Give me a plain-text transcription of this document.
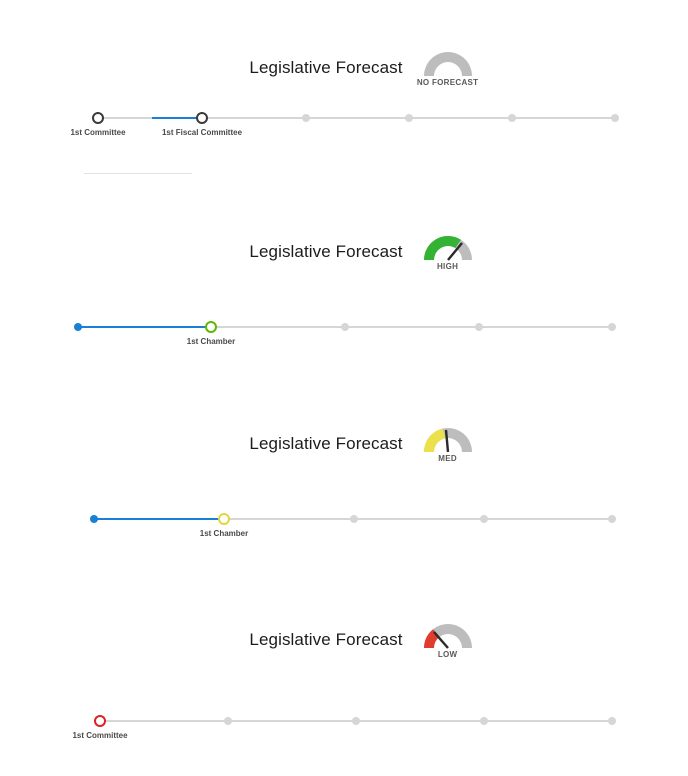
Legislative Forecast
NO FORECAST
1st Committee	1st Fiscal Committee
Legislative Forecast
HIGH
1st Chamber
Legislative Forecast
MED
1st Chamber
Legislative Forecast
LOW
1st Committee
